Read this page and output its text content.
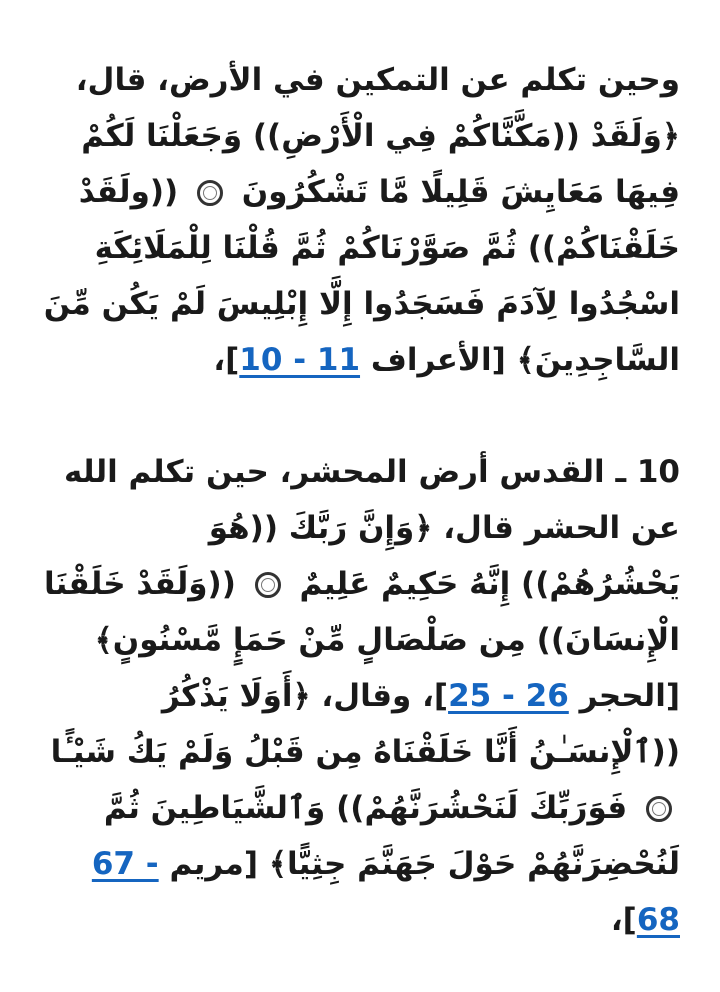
وحين تكلم عن التمكين في الأرض، قال، ﴿وَلَقَدْ ((مَكَّنَّاكُمْ فِي الْأَرْضِ)) وَجَعَلْنَا لَكُمْ فِيهَا مَعَايِشَ قَلِيلًا مَّا تَشْكُرُونَ  ((ولَقَدْ خَلَقْنَاكُمْ)) ثُمَّ صَوَّرْنَاكُمْ ثُمَّ قُلْنَا لِلْمَلَائِكَةِ اسْجُدُوا لِآدَمَ فَسَجَدُوا إِلَّا إِبْلِيسَ لَمْ يَكُن مِّنَ السَّاجِدِينَ﴾ [الأعراف 10 - 11]،

10 ـ القدس أرض المحشر، حين تكلم الله عن الحشر قال، ﴿وَإِنَّ رَبَّكَ ((هُوَ يَحْشُرُهُمْ)) إِنَّهُ حَكِيمٌ عَلِيمٌ  ((وَلَقَدْ خَلَقْنَا الْإِنسَانَ)) مِن صَلْصَالٍ مِّنْ حَمَإٍ مَّسْنُونٍ﴾ [الحجر 25 - 26]، وقال، ﴿أَوَلَا يَذْكُرُ ((ٱلْإِنسَـٰنُ أَنَّا خَلَقْنَاهُ مِن قَبْلُ وَلَمْ يَكُ شَيْـًٔا  فَوَرَبِّكَ لَنَحْشُرَنَّهُمْ)) وَٱلشَّيَاطِينَ ثُمَّ لَنُحْضِرَنَّهُمْ حَوْلَ جَهَنَّمَ جِثِيًّا﴾ [مريم 67 - 68]،
